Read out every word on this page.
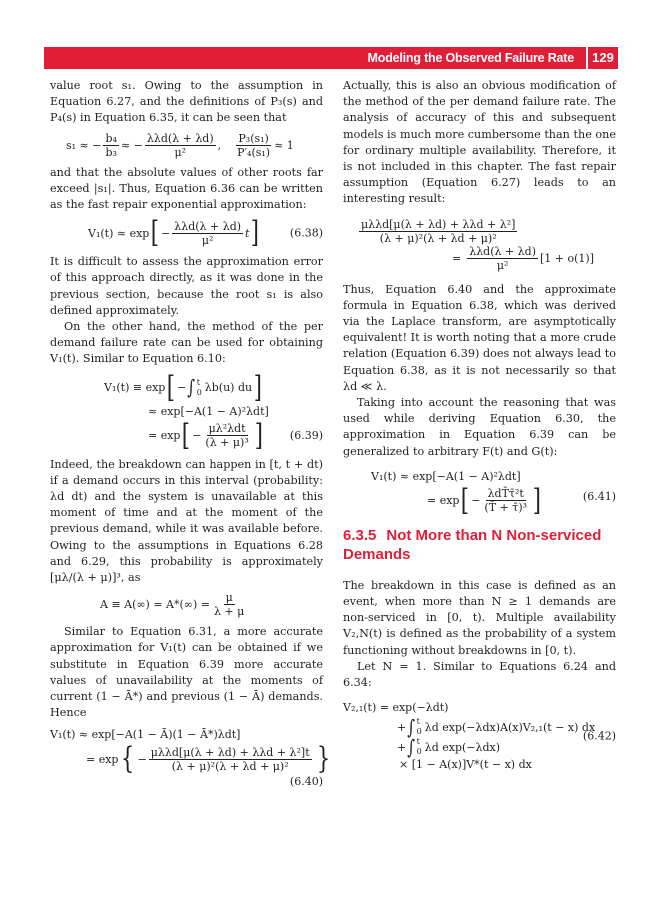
Modeling the Observed Failure Rate	129

value root s₁. Owing to the assumption in Equation 6.27, and the definitions of P₃(s) and P₄(s) in Equation 6.35, it can be seen that

s₁ ≈ − $\frac{\text{b₄}}{\text{b₃}}$ ≈ − $\frac{\text{λλd(λ + λd)}}{\text{μ²}}$ , $\frac{\text{P₃(s₁)}}{\text{P′₄(s₁)}} \approx 1$

and that the absolute values of other roots far exceed |s₁|. Thus, Equation 6.36 can be written as the fast repair exponential approximation:

V₁(t) ≈ exp [ − $\frac{\text{λλd(λ + λd)}}{\text{μ²}}$ t ]	(6.38)

It is difficult to assess the approximation error of this approach directly, as it was done in the previous section, because the root s₁ is also defined approximately.

On the other hand, the method of the per demand failure rate can be used for obtaining V₁(t). Similar to Equation 6.10:

V₁(t) ≡ exp [ − ∫ t
0 λb(u) du ]
≈ exp[−A(1 − A)²λdt]
= exp [ − $\frac{\text{μλ²λdt}}{\text{(λ + μ)³}}$ ] (6.39)

Indeed, the breakdown can happen in [t, t + dt) if a demand occurs in this interval (probability: λd dt) and the system is unavailable at this moment of time and at the moment of the previous demand, while it was available before. Owing to the assumptions in Equations 6.28 and 6.29, this probability is approximately [μλ/(λ + μ)]³, as

$A \equiv A(\infty) = A*(\infty) = \frac{\mu}{\lambda + \mu}$

Similar to Equation 6.31, a more accurate approximation for V₁(t) can be obtained if we substitute in Equation 6.39 more accurate values of unavailability at the moments of current (1 − Ā*) and previous (1 − Ā) demands. Hence

V₁(t) ≈ exp[−A(1 − Ā)(1 − Ā*)λdt]
= exp { − $\frac{\text{μλλd[μ(λ + λd) + λλd + λ²]t}}{\text{(λ + μ)²(λ + λd + μ)²}}$ }
(6.40)

Actually, this is also an obvious modification of the method of the per demand failure rate. The analysis of accuracy of this and subsequent models is much more cumbersome than the one for ordinary multiple availability. Therefore, it is not included in this chapter. The fast repair assumption (Equation 6.27) leads to an interesting result:

$\frac{\text{μλλd[μ(λ + λd) + λλd + λ²]}}{\text{(λ + μ)²(λ + λd + μ)²}}$
= $\frac{\text{λλd(λ + λd)}}{\text{μ²}} [1 + o(1)]$

Thus, Equation 6.40 and the approximate formula in Equation 6.38, which was derived via the Laplace transform, are asymptotically equivalent! It is worth noting that a more crude relation (Equation 6.39) does not always lead to Equation 6.38, as it is not necessarily so that λd ≪ λ.

Taking into account the reasoning that was used while deriving Equation 6.30, the approximation in Equation 6.39 can be generalized to arbitrary F(t) and G(t):

V₁(t) ≈ exp[−A(1 − A)²λdt]
= exp [ − $\frac{\text{λdT̄τ̄²t}}{\text{(T̄ + τ̄)³}}$ ]	(6.41)
6.3.5 Not More than N Non-serviced Demands

The breakdown in this case is defined as an event, when more than N ≥ 1 demands are non-serviced in [0, t). Multiple availability V₂,N(t) is defined as the probability of a system functioning without breakdowns in [0, t).

Let N = 1. Similar to Equations 6.24 and 6.34:

V₂,₁(t) = exp(−λdt)
+ ∫ t
0 λd exp(−λdx)A(x)V₂,₁(t − x) dx
+ ∫ t
0 λd exp(−λdx)
× [1 − A(x)]V*(t − x) dx
(6.42)
